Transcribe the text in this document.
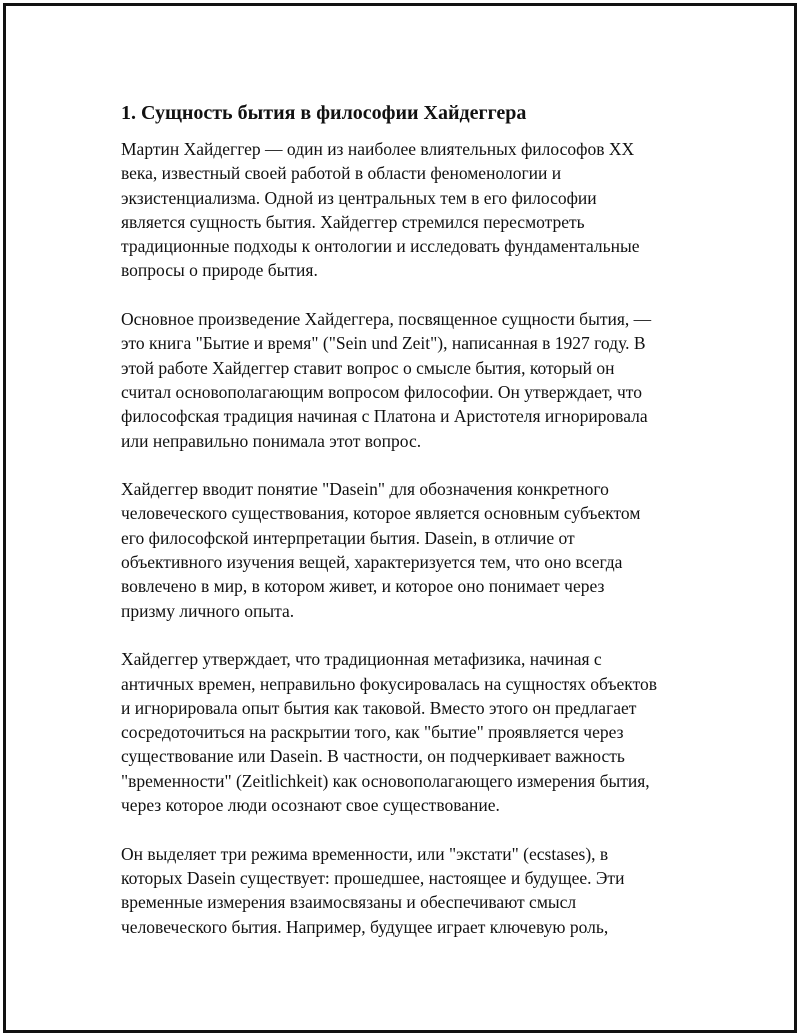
1. Сущность бытия в философии Хайдеггера
Мартин Хайдеггер — один из наиболее влиятельных философов XX
века, известный своей работой в области феноменологии и
экзистенциализма. Одной из центральных тем в его философии
является сущность бытия. Хайдеггер стремился пересмотреть
традиционные подходы к онтологии и исследовать фундаментальные
вопросы о природе бытия.
Основное произведение Хайдеггера, посвященное сущности бытия, —
это книга "Бытие и время" ("Sein und Zeit"), написанная в 1927 году. В
этой работе Хайдеггер ставит вопрос о смысле бытия, который он
считал основополагающим вопросом философии. Он утверждает, что
философская традиция начиная с Платона и Аристотеля игнорировала
или неправильно понимала этот вопрос.
Хайдеггер вводит понятие "Dasein" для обозначения конкретного
человеческого существования, которое является основным субъектом
его философской интерпретации бытия. Dasein, в отличие от
объективного изучения вещей, характеризуется тем, что оно всегда
вовлечено в мир, в котором живет, и которое оно понимает через
призму личного опыта.
Хайдеггер утверждает, что традиционная метафизика, начиная с
античных времен, неправильно фокусировалась на сущностях объектов
и игнорировала опыт бытия как таковой. Вместо этого он предлагает
сосредоточиться на раскрытии того, как "бытие" проявляется через
существование или Dasein. В частности, он подчеркивает важность
"временности" (Zeitlichkeit) как основополагающего измерения бытия,
через которое люди осознают свое существование.
Он выделяет три режима временности, или "экстати" (ecstases), в
которых Dasein существует: прошедшее, настоящее и будущее. Эти
временные измерения взаимосвязаны и обеспечивают смысл
человеческого бытия. Например, будущее играет ключевую роль,
